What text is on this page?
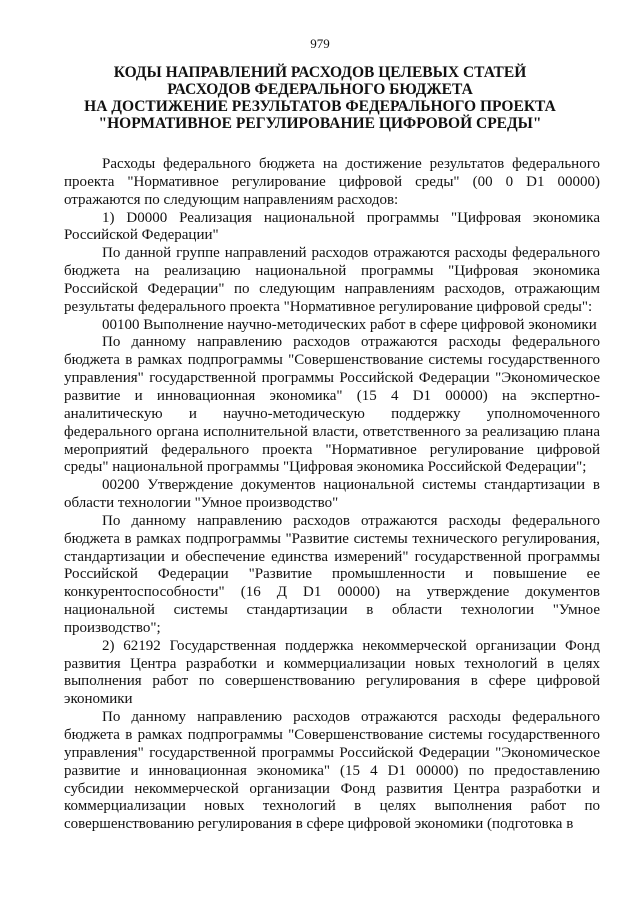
979
КОДЫ НАПРАВЛЕНИЙ РАСХОДОВ ЦЕЛЕВЫХ СТАТЕЙ
РАСХОДОВ ФЕДЕРАЛЬНОГО БЮДЖЕТА
НА ДОСТИЖЕНИЕ РЕЗУЛЬТАТОВ ФЕДЕРАЛЬНОГО ПРОЕКТА
"НОРМАТИВНОЕ РЕГУЛИРОВАНИЕ ЦИФРОВОЙ СРЕДЫ"

Расходы федерального бюджета на достижение результатов федерального проекта "Нормативное регулирование цифровой среды" (00 0 D1 00000) отражаются по следующим направлениям расходов:

1) D0000 Реализация национальной программы "Цифровая экономика Российской Федерации"

По данной группе направлений расходов отражаются расходы федерального бюджета на реализацию национальной программы "Цифровая экономика Российской Федерации" по следующим направлениям расходов, отражающим результаты федерального проекта "Нормативное регулирование цифровой среды":

00100 Выполнение научно-методических работ в сфере цифровой экономики

По данному направлению расходов отражаются расходы федерального бюджета в рамках подпрограммы "Совершенствование системы государственного управления" государственной программы Российской Федерации "Экономическое развитие и инновационная экономика" (15 4 D1 00000) на экспертно-аналитическую и научно-методическую поддержку уполномоченного федерального органа исполнительной власти, ответственного за реализацию плана мероприятий федерального проекта "Нормативное регулирование цифровой среды" национальной программы "Цифровая экономика Российской Федерации";

00200 Утверждение документов национальной системы стандартизации в области технологии "Умное производство"

По данному направлению расходов отражаются расходы федерального бюджета в рамках подпрограммы "Развитие системы технического регулирования, стандартизации и обеспечение единства измерений" государственной программы Российской Федерации "Развитие промышленности и повышение ее конкурентоспособности" (16 Д D1 00000) на утверждение документов национальной системы стандартизации в области технологии "Умное производство";

2) 62192 Государственная поддержка некоммерческой организации Фонд развития Центра разработки и коммерциализации новых технологий в целях выполнения работ по совершенствованию регулирования в сфере цифровой экономики

По данному направлению расходов отражаются расходы федерального бюджета в рамках подпрограммы "Совершенствование системы государственного управления" государственной программы Российской Федерации "Экономическое развитие и инновационная экономика" (15 4 D1 00000) по предоставлению субсидии некоммерческой организации Фонд развития Центра разработки и коммерциализации новых технологий в целях выполнения работ по совершенствованию регулирования в сфере цифровой экономики (подготовка в
